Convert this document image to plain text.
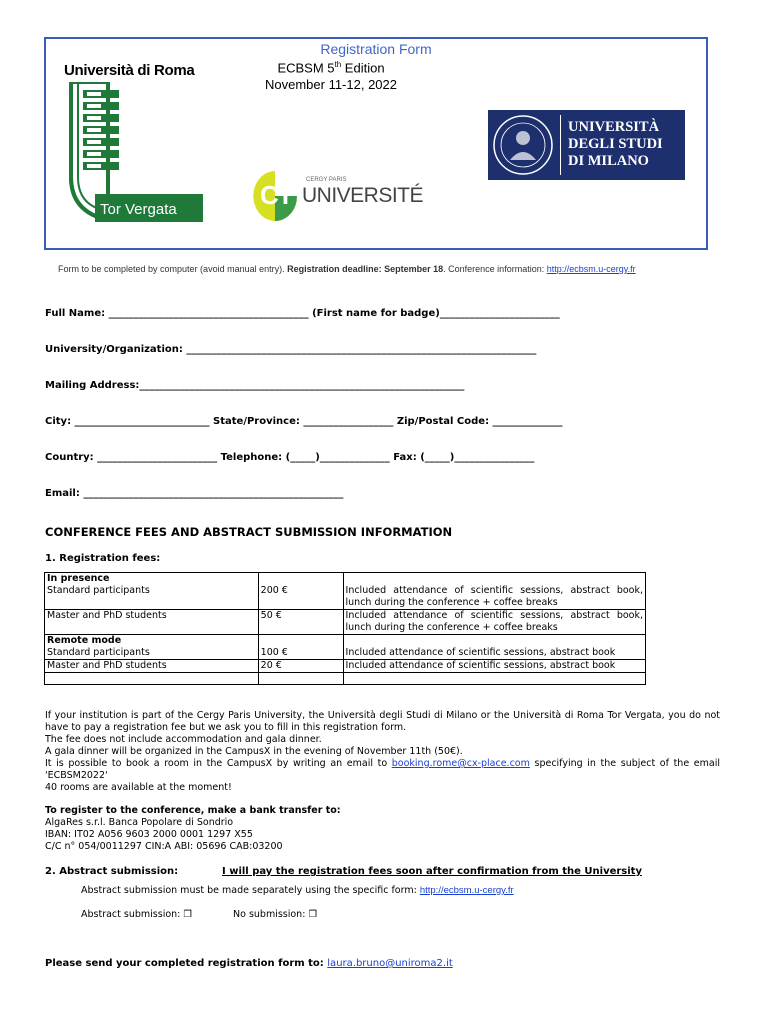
Registration Form
Università di Roma
Tor Vergata
ECBSM 5th Edition
November 11-12, 2022
CY CERGY PARIS
UNIVERSITÉ
UNIVERSITÀ
DEGLI STUDI
DI MILANO
Form to be completed by computer (avoid manual entry). Registration deadline: September 18. Conference information: http://ecbsm.u-cergy.fr
Full Name: ________________________________________ (First name for badge)________________________
University/Organization: ______________________________________________________________________
Mailing Address:_________________________________________________________________
City: ___________________________ State/Province: __________________ Zip/Postal Code: ______________
Country: ________________________ Telephone: (_____)______________ Fax: (_____)________________
Email: ____________________________________________________
CONFERENCE FEES AND ABSTRACT SUBMISSION INFORMATION
1. Registration fees:
In presence
Standard participants	200 €	Included attendance of scientific sessions, abstract book, lunch during the conference + coffee breaks
Master and PhD students	50 €	Included attendance of scientific sessions, abstract book, lunch during the conference + coffee breaks
Remote mode
Standard participants	100 €	Included attendance of scientific sessions, abstract book
Master and PhD students	20 €	Included attendance of scientific sessions, abstract book

If your institution is part of the Cergy Paris University, the Università degli Studi di Milano or the Università di Roma Tor Vergata, you do not have to pay a registration fee but we ask you to fill in this registration form.
The fee does not include accommodation and gala dinner.
A gala dinner will be organized in the CampusX in the evening of November 11th (50€).
It is possible to book a room in the CampusX by writing an email to booking.rome@cx-place.com specifying in the subject of the email 'ECBSM2022'
40 rooms are available at the moment!
To register to the conference, make a bank transfer to:
AlgaRes s.r.l. Banca Popolare di Sondrio
IBAN: IT02 A056 9603 2000 0001 1297 X55
C/C n° 054/0011297 CIN:A ABI: 05696 CAB:03200
2. Abstract submission:	I will pay the registration fees soon after confirmation from the University
Abstract submission must be made separately using the specific form: http://ecbsm.u-cergy.fr
Abstract submission: ❒	No submission: ❒
Please send your completed registration form to: laura.bruno@uniroma2.it
